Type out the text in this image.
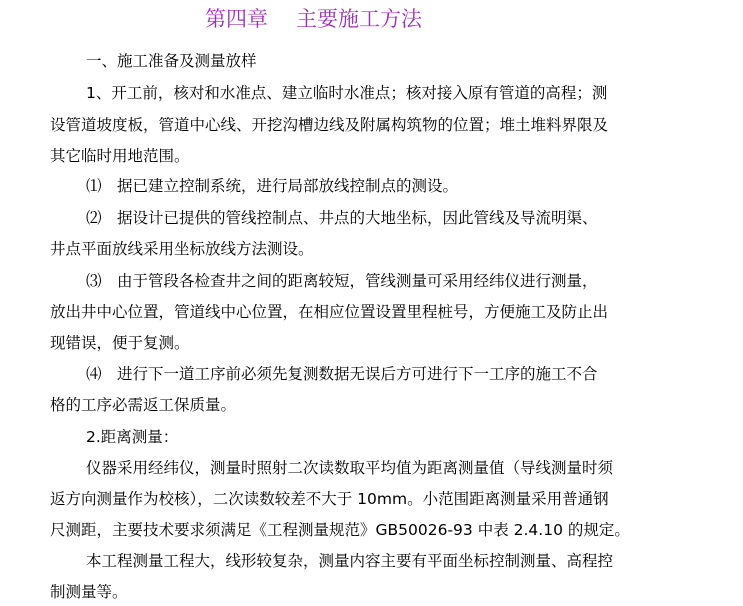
第四章 主要施工方法
一、施工准备及测量放样
1、开工前，核对和水准点、建立临时水准点；核对接入原有管道的高程；测
设管道坡度板，管道中心线、开挖沟槽边线及附属构筑物的位置；堆土堆料界限及
其它临时用地范围。
⑴　据已建立控制系统，进行局部放线控制点的测设。
⑵　据设计已提供的管线控制点、井点的大地坐标，因此管线及导流明渠、
井点平面放线采用坐标放线方法测设。
⑶　由于管段各检查井之间的距离较短，管线测量可采用经纬仪进行测量，
放出井中心位置，管道线中心位置，在相应位置设置里程桩号，方便施工及防止出
现错误，便于复测。
⑷　进行下一道工序前必须先复测数据无误后方可进行下一工序的施工不合
格的工序必需返工保质量。
2.距离测量：
仪器采用经纬仪，测量时照射二次读数取平均值为距离测量值（导线测量时须
返方向测量作为校核），二次读数较差不大于 10mm。小范围距离测量采用普通钢
尺测距，主要技术要求须满足《工程测量规范》GB50026-93 中表 2.4.10 的规定。
本工程测量工程大，线形较复杂，测量内容主要有平面坐标控制测量、高程控
制测量等。
